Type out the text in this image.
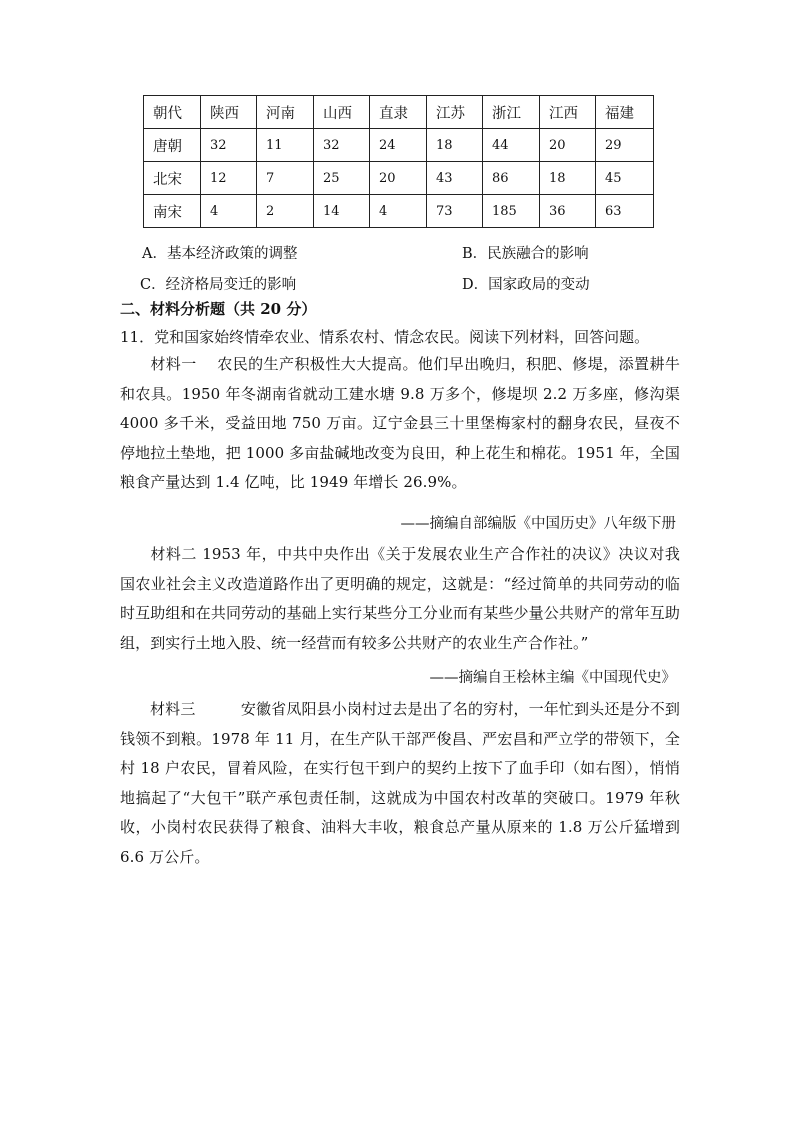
朝代	陕西	河南	山西	直隶	江苏	浙江	江西	福建
唐朝	32	11	32	24	18	44	20	29
北宋	12	7	25	20	43	86	18	45
南宋	4	2	14	4	73	185	36	63
A．基本经济政策的调整	B．民族融合的影响
C．经济格局变迁的影响	D．国家政局的变动
二、材料分析题（共 20 分）
11．党和国家始终情牵农业、情系农村、情念农民。阅读下列材料，回答问题。
材料一　 农民的生产积极性大大提高。他们早出晚归，积肥、修堤，添置耕牛和农具。1950 年冬湖南省就动工建水塘 9.8 万多个，修堤坝 2.2 万多座，修沟渠 4000 多千米，受益田地 750 万亩。辽宁金县三十里堡梅家村的翻身农民，昼夜不停地拉土垫地，把 1000 多亩盐碱地改变为良田，种上花生和棉花。1951 年，全国粮食产量达到 1.4 亿吨，比 1949 年增长 26.9%。
——摘编自部编版《中国历史》八年级下册
材料二 1953 年，中共中央作出《关于发展农业生产合作社的决议》决议对我国农业社会主义改造道路作出了更明确的规定，这就是：“经过简单的共同劳动的临时互助组和在共同劳动的基础上实行某些分工分业而有某些少量公共财产的常年互助组，到实行土地入股、统一经营而有较多公共财产的农业生产合作社。”
——摘编自王桧林主编《中国现代史》
材料三　　　安徽省凤阳县小岗村过去是出了名的穷村，一年忙到头还是分不到钱领不到粮。1978 年 11 月，在生产队干部严俊昌、严宏昌和严立学的带领下，全村 18 户农民，冒着风险，在实行包干到户的契约上按下了血手印（如右图），悄悄地搞起了“大包干”联产承包责任制，这就成为中国农村改革的突破口。1979 年秋收，小岗村农民获得了粮食、油料大丰收，粮食总产量从原来的 1.8 万公斤猛增到 6.6 万公斤。
